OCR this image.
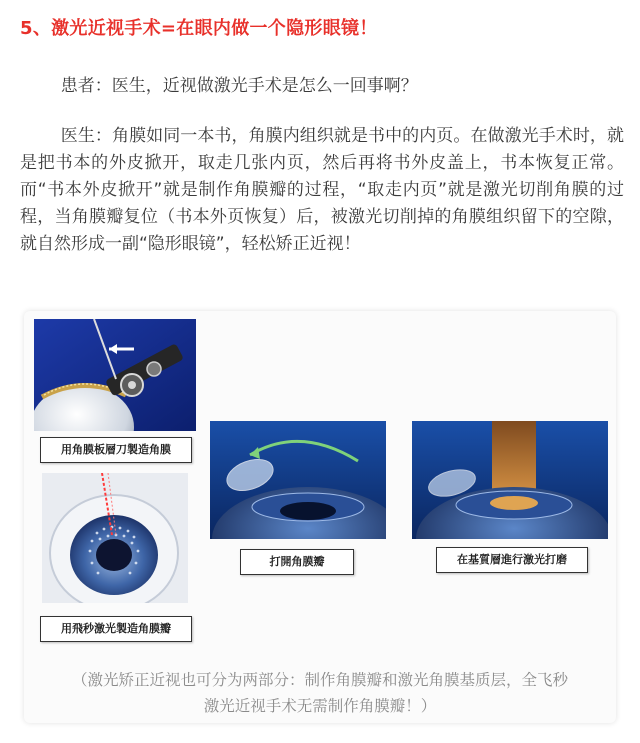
5、激光近视手术=在眼内做一个隐形眼镜！

患者：医生，近视做激光手术是怎么一回事啊？

医生：角膜如同一本书，角膜内组织就是书中的内页。在做激光手术时，就是把书本的外皮掀开，取走几张内页，然后再将书外皮盖上，书本恢复正常。而“书本外皮掀开”就是制作角膜瓣的过程，“取走内页”就是激光切削角膜的过程，当角膜瓣复位（书本外页恢复）后，被激光切削掉的角膜组织留下的空隙，就自然形成一副“隐形眼镜”，轻松矫正近视！

用角膜板層刀製造角膜
用飛秒激光製造角膜瓣
打開角膜瓣	在基質層進行激光打磨
（激光矫正近视也可分为两部分：制作角膜瓣和激光角膜基质层，全飞秒
激光近视手术无需制作角膜瓣！）
